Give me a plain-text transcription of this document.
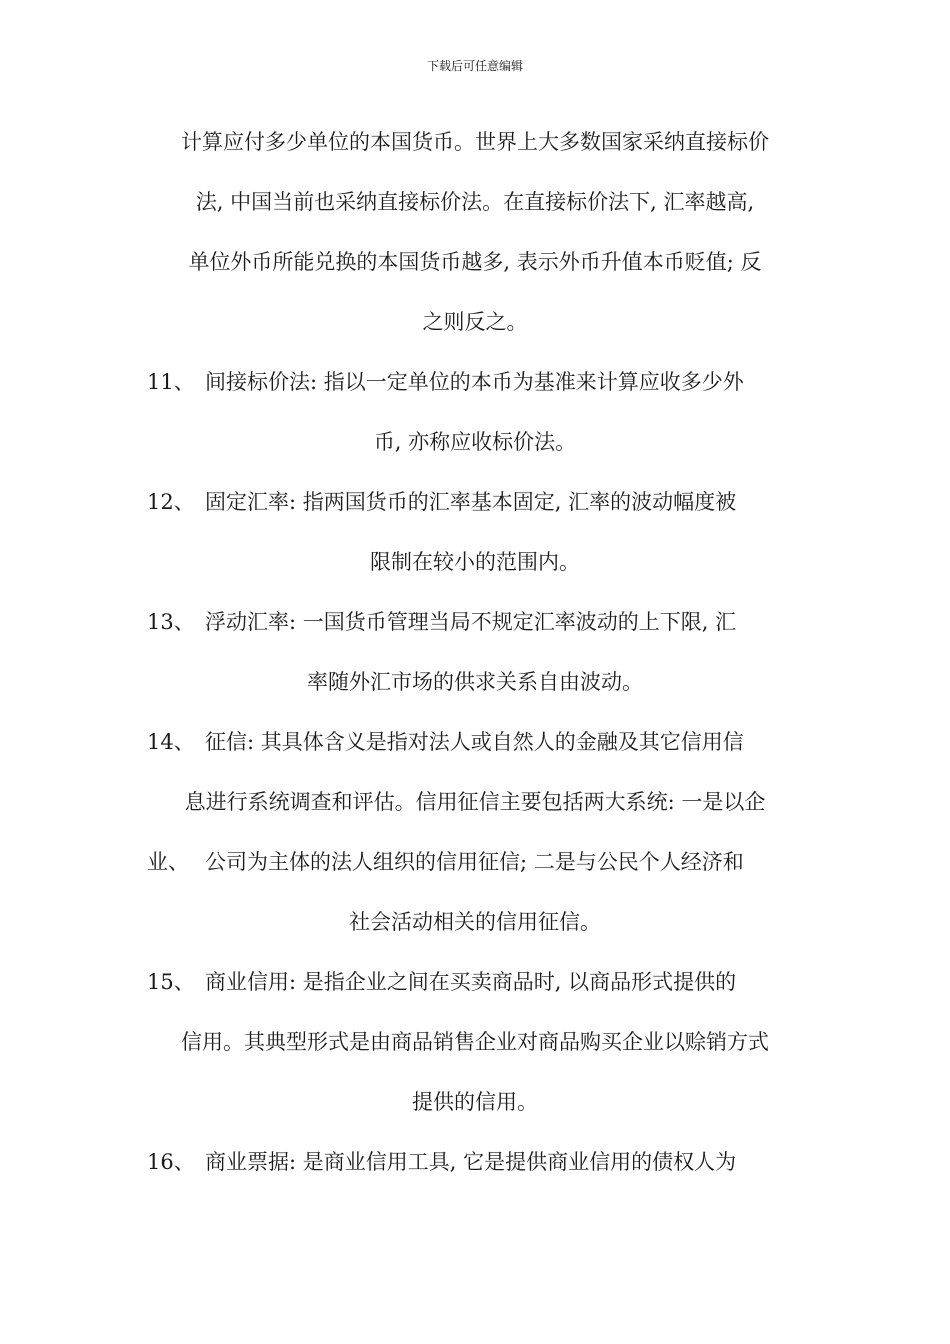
下载后可任意编辑
计算应付多少单位的本国货币。世界上大多数国家采纳直接标价
法, 中国当前也采纳直接标价法。在直接标价法下, 汇率越高,
单位外币所能兑换的本国货币越多, 表示外币升值本币贬值; 反
之则反之。
11、 间接标价法: 指以一定单位的本币为基准来计算应收多少外
币, 亦称应收标价法。
12、 固定汇率: 指两国货币的汇率基本固定, 汇率的波动幅度被
限制在较小的范围内。
13、 浮动汇率: 一国货币管理当局不规定汇率波动的上下限, 汇
率随外汇市场的供求关系自由波动。
14、 征信: 其具体含义是指对法人或自然人的金融及其它信用信
息进行系统调查和评估。信用征信主要包括两大系统: 一是以企
业、 公司为主体的法人组织的信用征信; 二是与公民个人经济和
社会活动相关的信用征信。
15、 商业信用: 是指企业之间在买卖商品时, 以商品形式提供的
信用。其典型形式是由商品销售企业对商品购买企业以赊销方式
提供的信用。
16、 商业票据: 是商业信用工具, 它是提供商业信用的债权人为
